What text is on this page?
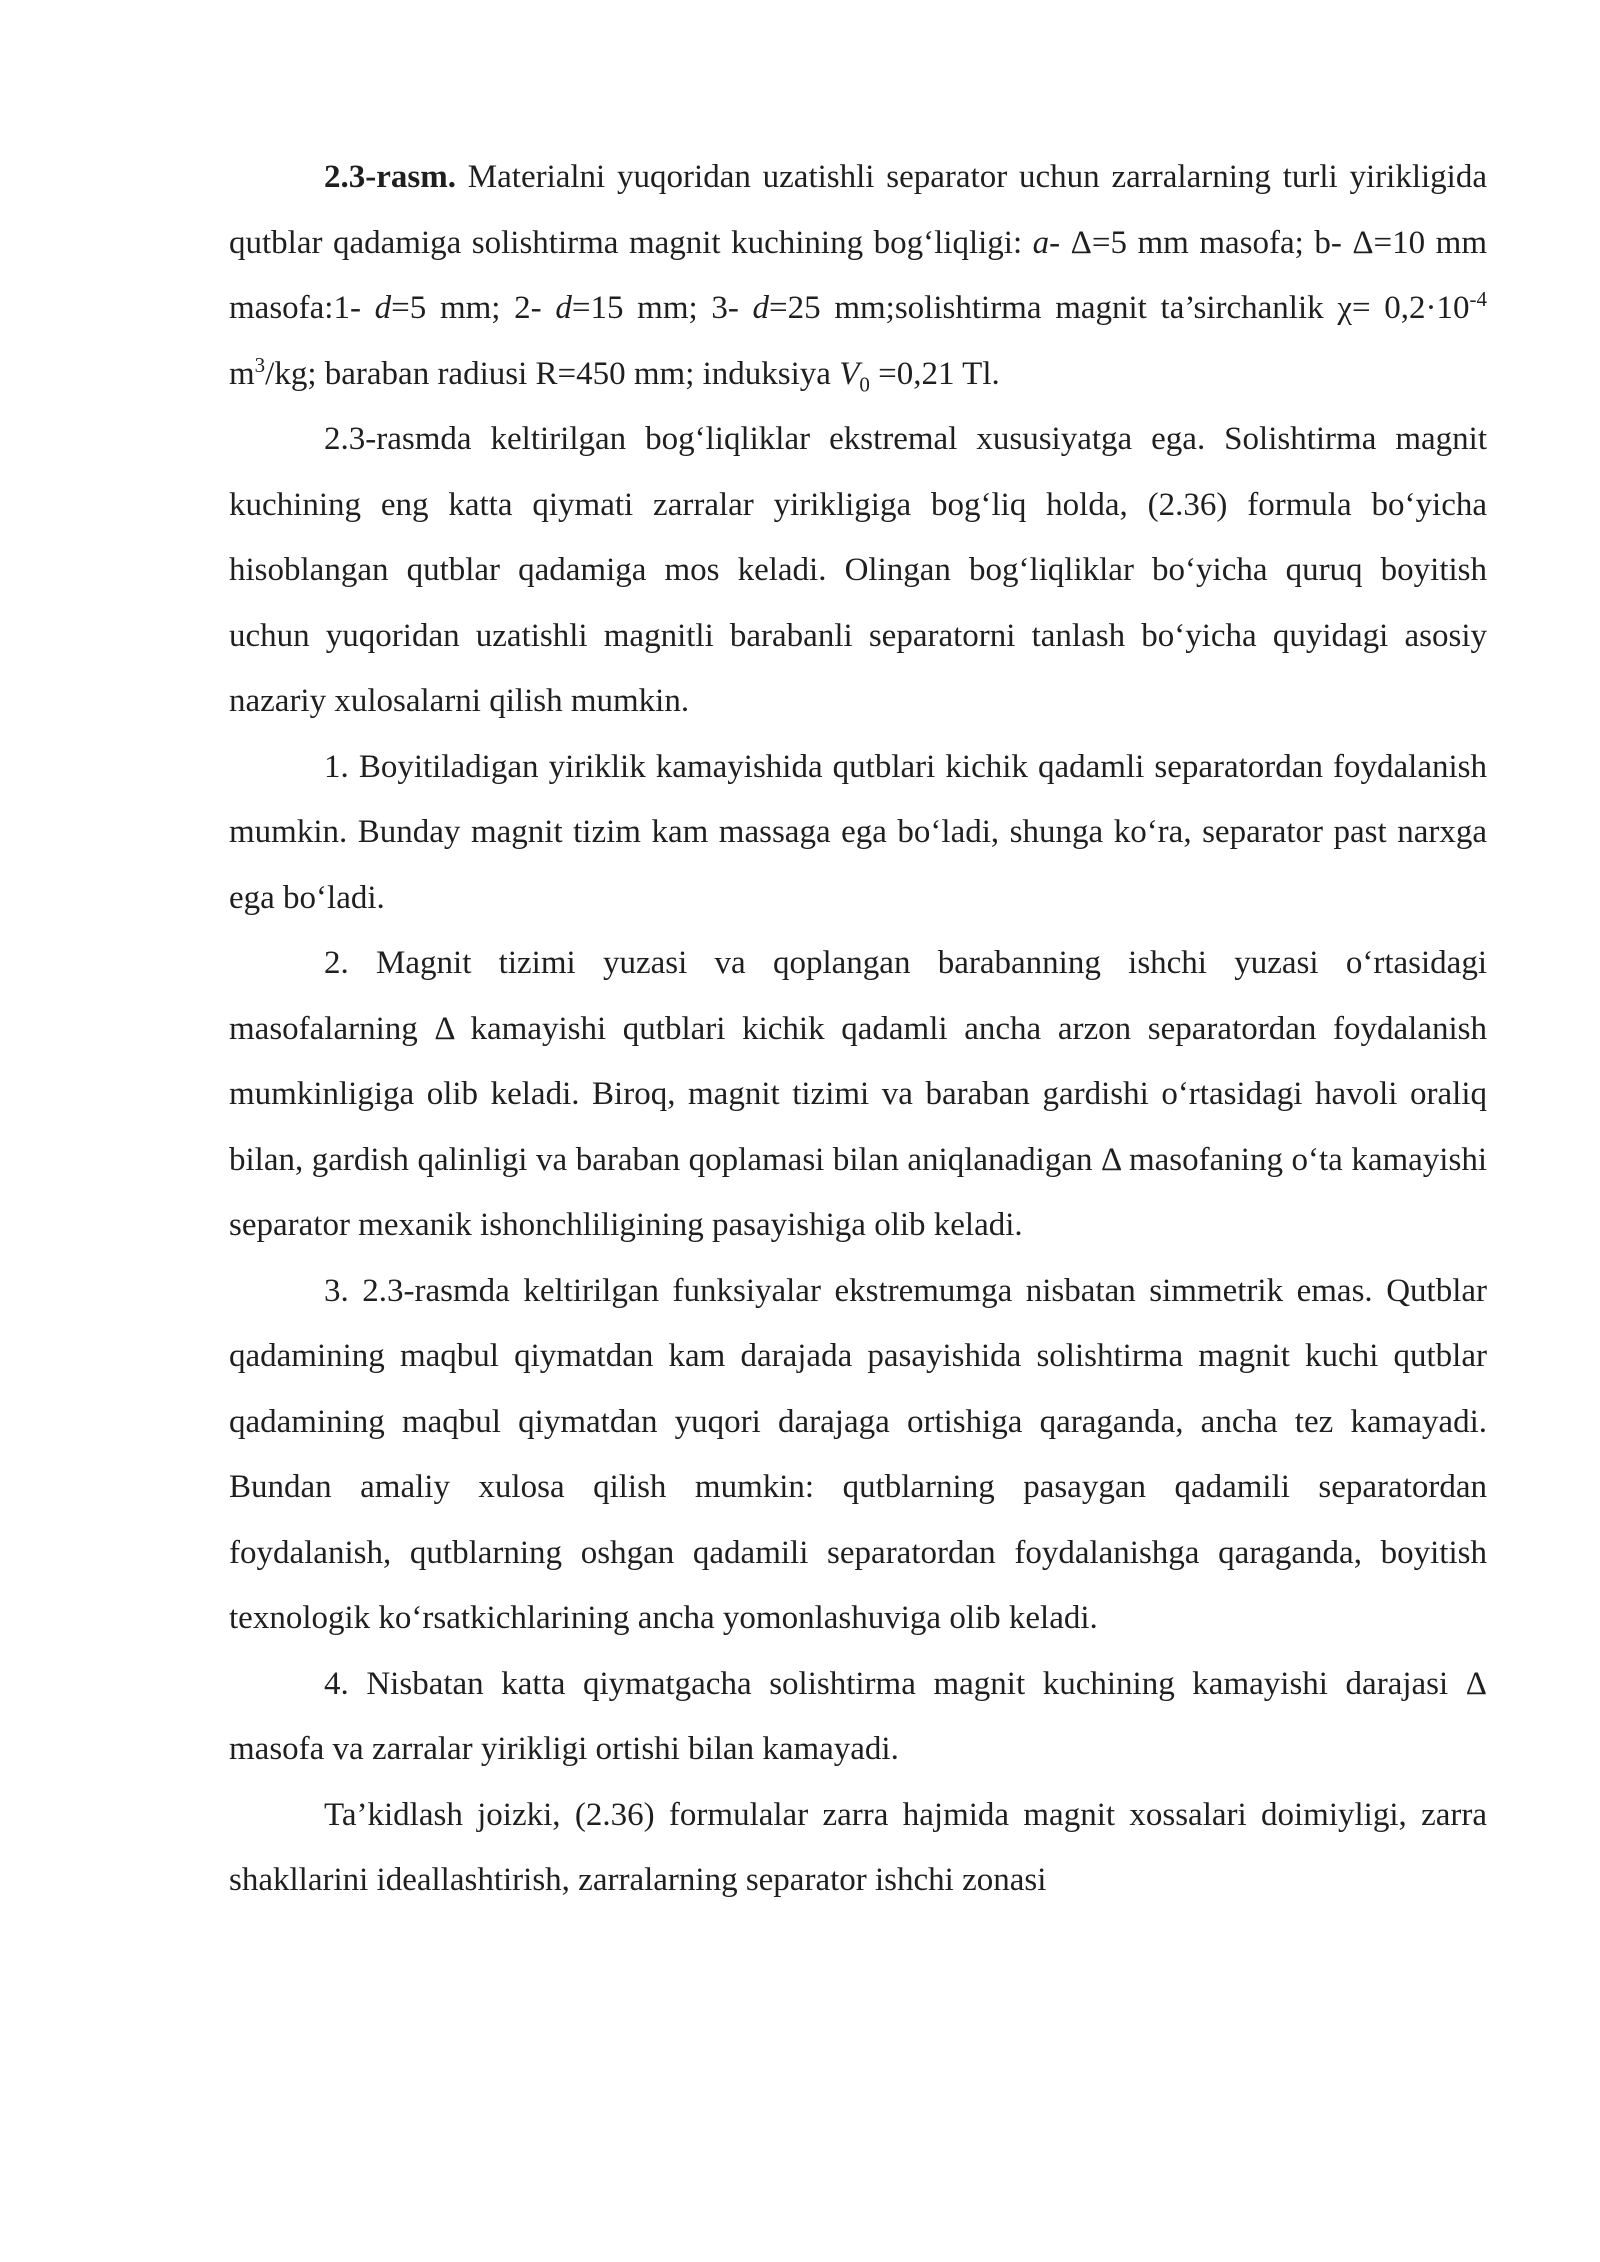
2.3-rasm. Materialni yuqoridan uzatishli separator uchun zarralarning turli yirikligida qutblar qadamiga solishtirma magnit kuchining bog‘liqligi: a- Δ=5 mm masofa; b- Δ=10 mm masofa:1- d=5 mm; 2- d=15 mm; 3- d=25 mm;solishtirma magnit ta’sirchanlik $\chi= 0,2\cdot 10^{-4}$ $m^3/kg$; baraban radiusi R=450 mm; induksiya $V_0 =0,21$ Tl.

2.3-rasmda keltirilgan bog‘liqliklar ekstremal xususiyatga ega. Solishtirma magnit kuchining eng katta qiymati zarralar yirikligiga bog‘liq holda, (2.36) formula bo‘yicha hisoblangan qutblar qadamiga mos keladi. Olingan bog‘liqliklar bo‘yicha quruq boyitish uchun yuqoridan uzatishli magnitli barabanli separatorni tanlash bo‘yicha quyidagi asosiy nazariy xulosalarni qilish mumkin.

1. Boyitiladigan yiriklik kamayishida qutblari kichik qadamli separatordan foydalanish mumkin. Bunday magnit tizim kam massaga ega bo‘ladi, shunga ko‘ra, separator past narxga ega bo‘ladi.

2. Magnit tizimi yuzasi va qoplangan barabanning ishchi yuzasi o‘rtasidagi masofalarning Δ kamayishi qutblari kichik qadamli ancha arzon separatordan foydalanish mumkinligiga olib keladi. Biroq, magnit tizimi va baraban gardishi o‘rtasidagi havoli oraliq bilan, gardish qalinligi va baraban qoplamasi bilan aniqlanadigan Δ masofaning o‘ta kamayishi separator mexanik ishonchliligining pasayishiga olib keladi.

3. 2.3-rasmda keltirilgan funksiyalar ekstremumga nisbatan simmetrik emas. Qutblar qadamining maqbul qiymatdan kam darajada pasayishida solishtirma magnit kuchi qutblar qadamining maqbul qiymatdan yuqori darajaga ortishiga qaraganda, ancha tez kamayadi. Bundan amaliy xulosa qilish mumkin: qutblarning pasaygan qadamili separatordan foydalanish, qutblarning oshgan qadamili separatordan foydalanishga qaraganda, boyitish texnologik ko‘rsatkichlarining ancha yomonlashuviga olib keladi.

4. Nisbatan katta qiymatgacha solishtirma magnit kuchining kamayishi darajasi Δ masofa va zarralar yirikligi ortishi bilan kamayadi.

Ta’kidlash joizki, (2.36) formulalar zarra hajmida magnit xossalari doimiyligi, zarra shakllarini ideallashtirish, zarralarning separator ishchi zonasi
